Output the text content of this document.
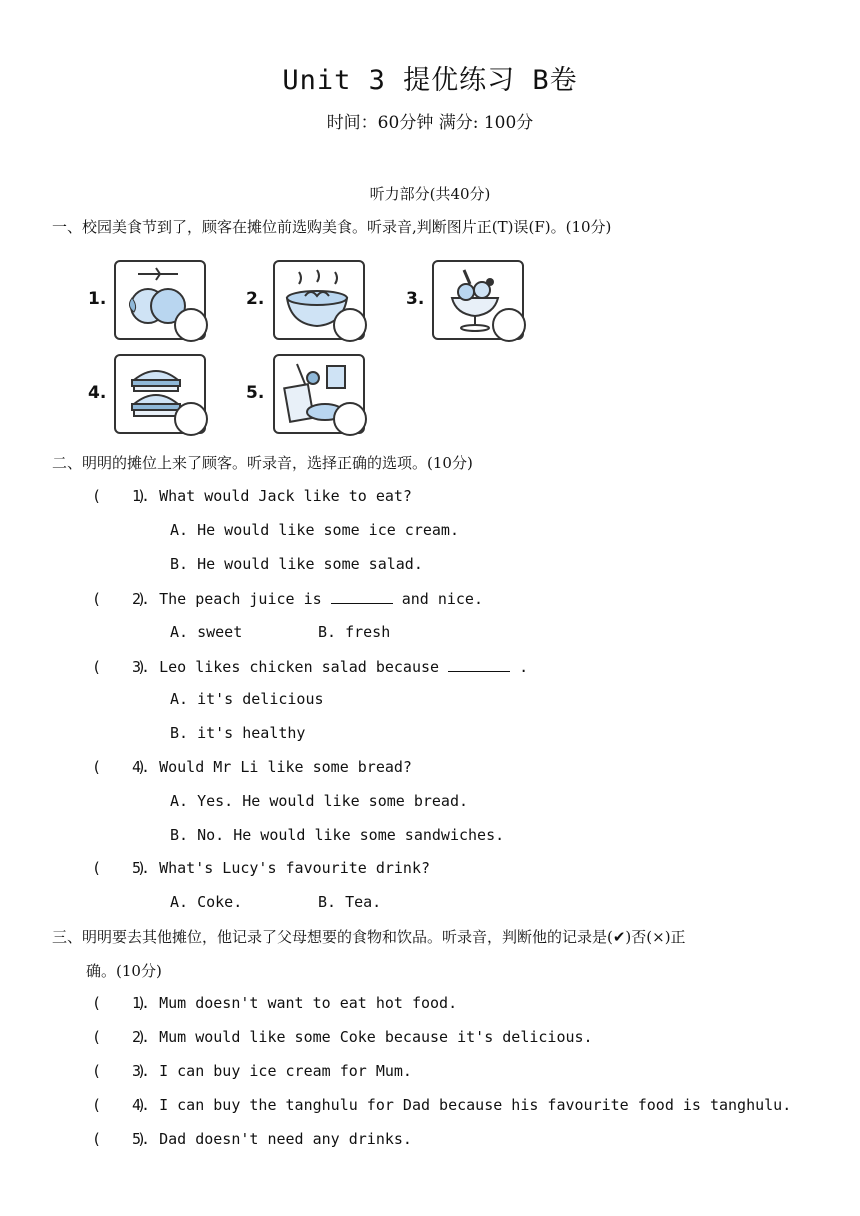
Unit 3 提优练习 B卷
时间：60分钟 满分: 100分
听力部分(共40分)
一、校园美食节到了，顾客在摊位前选购美食。听录音,判断图片正(T)误(F)。(10分)
1.	2.	3.
4.	5.
二、明明的摊位上来了顾客。听录音，选择正确的选项。(10分)
(    )1. What would Jack like to eat?
A. He would like some ice cream.
B. He would like some salad.
(    )2. The peach juice is	and nice.
A. sweet	B. fresh
(    )3. Leo likes chicken salad because	.
A. it's delicious
B. it's healthy
(    )4. Would Mr Li like some bread?
A. Yes. He would like some bread.
B. No. He would like some sandwiches.
(    )5. What's Lucy's favourite drink?
A. Coke.	B. Tea.
三、明明要去其他摊位，他记录了父母想要的食物和饮品。听录音，判断他的记录是(✔)否(×)正
确。(10分)
(    )1. Mum doesn't want to eat hot food.
(    )2. Mum would like some Coke because it's delicious.
(    )3. I can buy ice cream for Mum.
(    )4. I can buy the tanghulu for Dad because his favourite food is tanghulu.
(    )5. Dad doesn't need any drinks.
